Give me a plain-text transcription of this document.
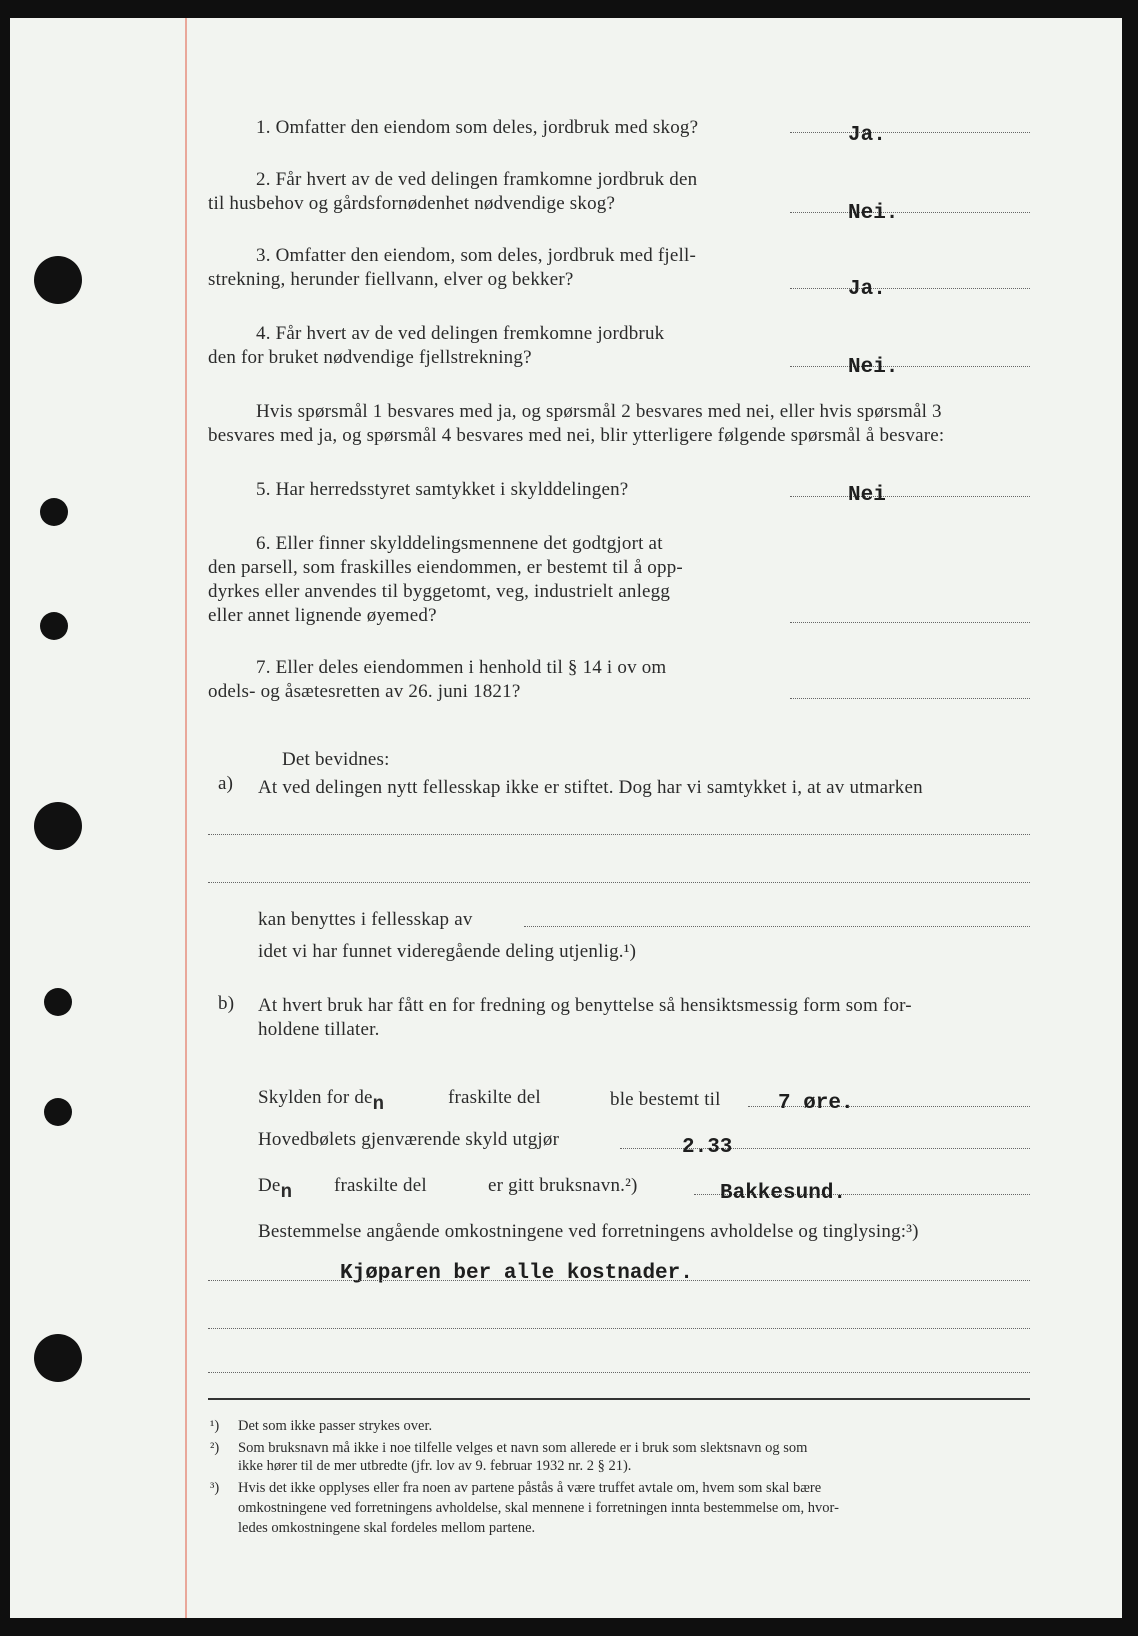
1. Omfatter den eiendom som deles, jordbruk med skog?	Ja.
2. Får hvert av de ved delingen framkomne jordbruk den
til husbehov og gårdsfornødenhet nødvendige skog?	Nei.
3. Omfatter den eiendom, som deles, jordbruk med fjell-
strekning, herunder fiellvann, elver og bekker?	Ja.
4. Får hvert av de ved delingen fremkomne jordbruk
den for bruket nødvendige fjellstrekning?	Nei.
Hvis spørsmål 1 besvares med ja, og spørsmål 2 besvares med nei, eller hvis spørsmål 3
besvares med ja, og spørsmål 4 besvares med nei, blir ytterligere følgende spørsmål å besvare:
5. Har herredsstyret samtykket i skylddelingen?	Nei
6. Eller finner skylddelingsmennene det godtgjort at
den parsell, som fraskilles eiendommen, er bestemt til å opp-
dyrkes eller anvendes til byggetomt, veg, industrielt anlegg
eller annet lignende øyemed?
7. Eller deles eiendommen i henhold til § 14 i ov om
odels- og åsætesretten av 26. juni 1821?
Det bevidnes:
a) At ved delingen nytt fellesskap ikke er stiftet. Dog har vi samtykket i, at av utmarken
kan benyttes i fellesskap av
idet vi har funnet videregående deling utjenlig.¹)
b) At hvert bruk har fått en for fredning og benyttelse så hensiktsmessig form som for-
holdene tillater.
Skylden for den	fraskilte del	ble bestemt til	7 øre.
Hovedbølets gjenværende skyld utgjør	2.33
Den fraskilte del	er gitt bruksnavn.²)	Bakkesund.
Bestemmelse angående omkostningene ved forretningens avholdelse og tinglysing:³)
Kjøparen ber alle kostnader.
¹) Det som ikke passer strykes over.
²) Som bruksnavn må ikke i noe tilfelle velges et navn som allerede er i bruk som slektsnavn og som
ikke hører til de mer utbredte (jfr. lov av 9. februar 1932 nr. 2 § 21).
³) Hvis det ikke opplyses eller fra noen av partene påstås å være truffet avtale om, hvem som skal bære
omkostningene ved forretningens avholdelse, skal mennene i forretningen innta bestemmelse om, hvor-
ledes omkostningene skal fordeles mellom partene.
